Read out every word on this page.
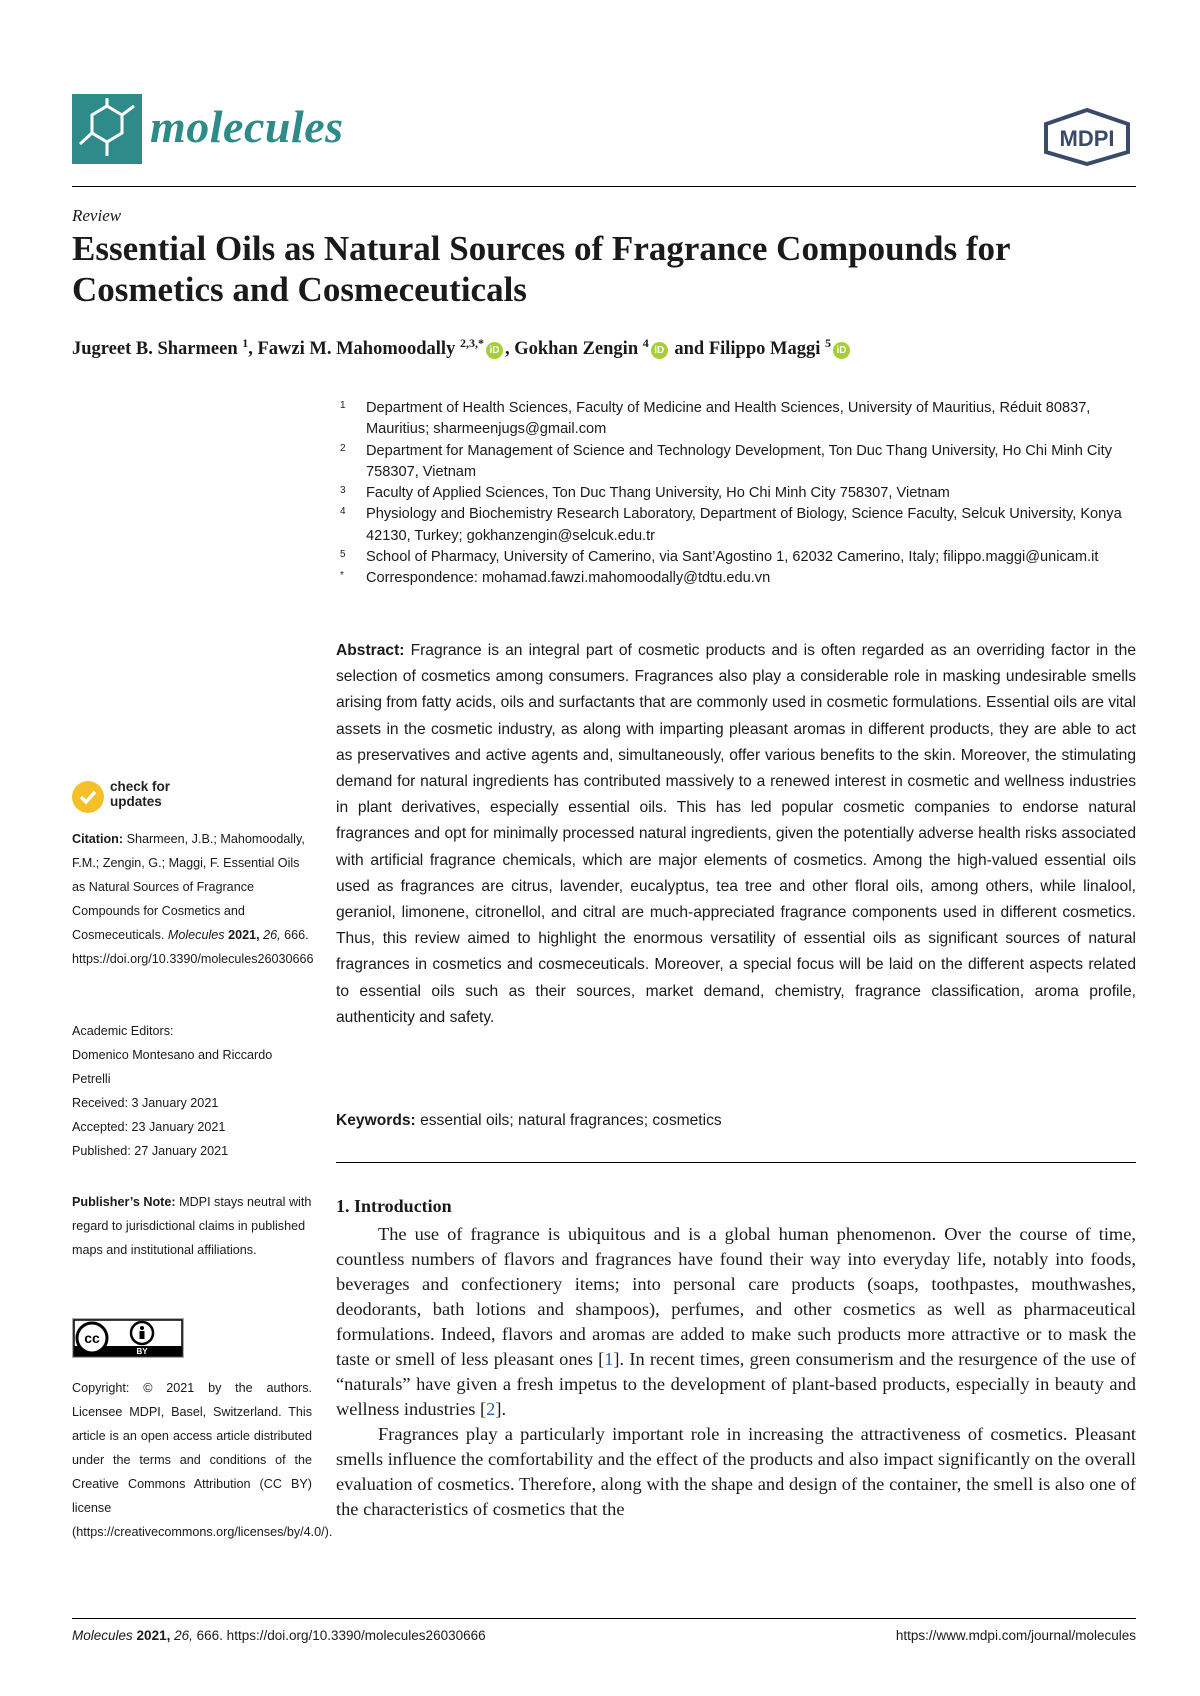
molecules	MDPI
Review
Essential Oils as Natural Sources of Fragrance Compounds for Cosmetics and Cosmeceuticals
Jugreet B. Sharmeen $^1$, Fawzi M. Mahomoodally $^{2,3,*}$iD , Gokhan Zengin $^4$iD and Filippo Maggi $^5$iD
1 Department of Health Sciences, Faculty of Medicine and Health Sciences, University of Mauritius, Réduit 80837, Mauritius; sharmeenjugs@gmail.com
2 Department for Management of Science and Technology Development, Ton Duc Thang University, Ho Chi Minh City 758307, Vietnam
3 Faculty of Applied Sciences, Ton Duc Thang University, Ho Chi Minh City 758307, Vietnam
4 Physiology and Biochemistry Research Laboratory, Department of Biology, Science Faculty, Selcuk University, Konya 42130, Turkey; gokhanzengin@selcuk.edu.tr
5 School of Pharmacy, University of Camerino, via Sant’Agostino 1, 62032 Camerino, Italy; filippo.maggi@unicam.it
* Correspondence: mohamad.fawzi.mahomoodally@tdtu.edu.vn
Abstract: Fragrance is an integral part of cosmetic products and is often regarded as an overriding factor in the selection of cosmetics among consumers. Fragrances also play a considerable role in masking undesirable smells arising from fatty acids, oils and surfactants that are commonly used in cosmetic formulations. Essential oils are vital assets in the cosmetic industry, as along with imparting pleasant aromas in different products, they are able to act as preservatives and active agents and, simultaneously, offer various benefits to the skin. Moreover, the stimulating demand for natural ingredients has contributed massively to a renewed interest in cosmetic and wellness industries in plant derivatives, especially essential oils. This has led popular cosmetic companies to endorse natural fragrances and opt for minimally processed natural ingredients, given the potentially adverse health risks associated with artificial fragrance chemicals, which are major elements of cosmetics. Among the high-valued essential oils used as fragrances are citrus, lavender, eucalyptus, tea tree and other floral oils, among others, while linalool, geraniol, limonene, citronellol, and citral are much-appreciated fragrance components used in different cosmetics. Thus, this review aimed to highlight the enormous versatility of essential oils as significant sources of natural fragrances in cosmetics and cosmeceuticals. Moreover, a special focus will be laid on the different aspects related to essential oils such as their sources, market demand, chemistry, fragrance classification, aroma profile, authenticity and safety.
Keywords: essential oils; natural fragrances; cosmetics
1. Introduction

The use of fragrance is ubiquitous and is a global human phenomenon. Over the course of time, countless numbers of flavors and fragrances have found their way into everyday life, notably into foods, beverages and confectionery items; into personal care products (soaps, toothpastes, mouthwashes, deodorants, bath lotions and shampoos), perfumes, and other cosmetics as well as pharmaceutical formulations. Indeed, flavors and aromas are added to make such products more attractive or to mask the taste or smell of less pleasant ones [1]. In recent times, green consumerism and the resurgence of the use of “naturals” have given a fresh impetus to the development of plant-based products, especially in beauty and wellness industries [2].

Fragrances play a particularly important role in increasing the attractiveness of cosmetics. Pleasant smells influence the comfortability and the effect of the products and also impact significantly on the overall evaluation of cosmetics. Therefore, along with the shape and design of the container, the smell is also one of the characteristics of cosmetics that the

check for
updates
Citation: Sharmeen, J.B.; Mahomoodally, F.M.; Zengin, G.; Maggi, F. Essential Oils as Natural Sources of Fragrance Compounds for Cosmetics and Cosmeceuticals. Molecules 2021, 26, 666. https://doi.org/10.3390/molecules26030666
Academic Editors:
Domenico Montesano and Riccardo Petrelli
Received: 3 January 2021
Accepted: 23 January 2021
Published: 27 January 2021
Publisher’s Note: MDPI stays neutral with regard to jurisdictional claims in published maps and institutional affiliations.
cc
BY
Copyright: © 2021 by the authors. Licensee MDPI, Basel, Switzerland. This article is an open access article distributed under the terms and conditions of the Creative Commons Attribution (CC BY) license (https://creativecommons.org/licenses/by/4.0/).
Molecules 2021, 26, 666. https://doi.org/10.3390/molecules26030666	https://www.mdpi.com/journal/molecules
